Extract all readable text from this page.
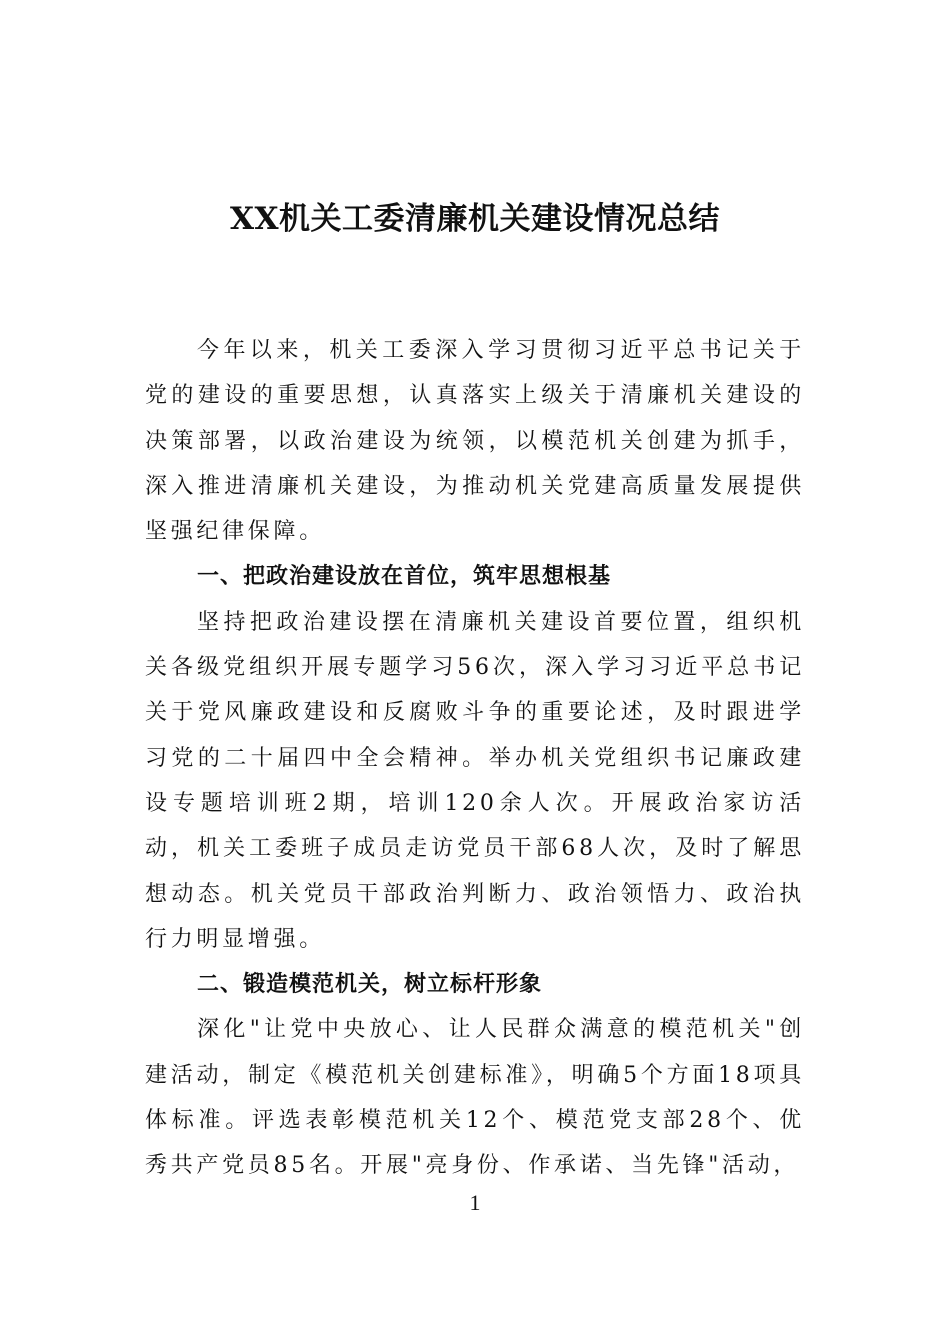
XX机关工委清廉机关建设情况总结

今年以来，机关工委深入学习贯彻习近平总书记关于党的建设的重要思想，认真落实上级关于清廉机关建设的决策部署，以政治建设为统领，以模范机关创建为抓手，深入推进清廉机关建设，为推动机关党建高质量发展提供坚强纪律保障。

一、把政治建设放在首位，筑牢思想根基

坚持把政治建设摆在清廉机关建设首要位置，组织机关各级党组织开展专题学习56次，深入学习习近平总书记关于党风廉政建设和反腐败斗争的重要论述，及时跟进学习党的二十届四中全会精神。举办机关党组织书记廉政建设专题培训班2期，培训120余人次。开展政治家访活动，机关工委班子成员走访党员干部68人次，及时了解思想动态。机关党员干部政治判断力、政治领悟力、政治执行力明显增强。

二、锻造模范机关，树立标杆形象

深化"让党中央放心、让人民群众满意的模范机关"创建活动，制定《模范机关创建标准》，明确5个方面18项具体标准。评选表彰模范机关12个、模范党支部28个、优秀共产党员85名。开展"亮身份、作承诺、当先锋"活动，

1
